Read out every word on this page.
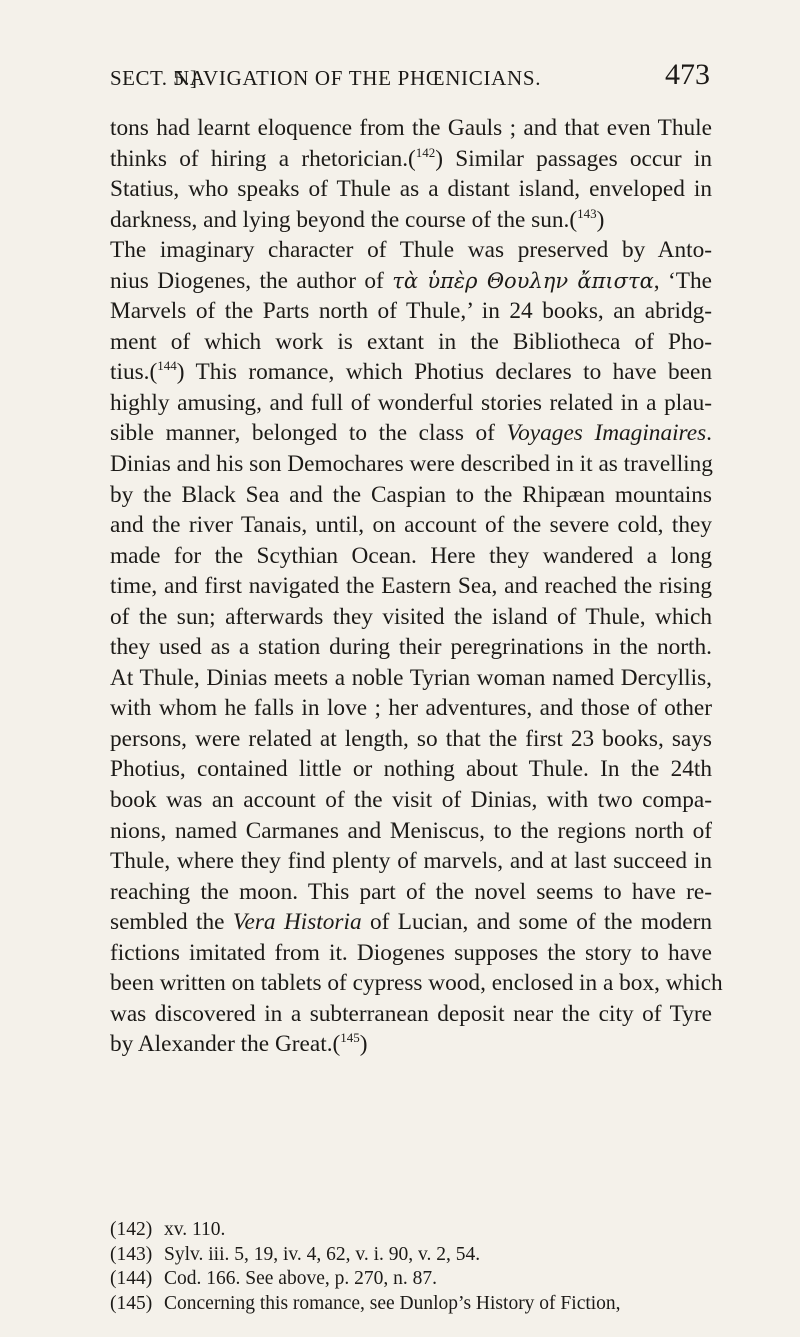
SECT. 5.]
NAVIGATION OF THE PHŒNICIANS.	473
tons had learnt eloquence from the Gauls ; and that even Thule
thinks of hiring a rhetorician.($^{142}$) Similar passages occur in
Statius, who speaks of Thule as a distant island, enveloped in
darkness, and lying beyond the course of the sun.($^{143}$)
The imaginary character of Thule was preserved by Anto-
nius Diogenes, the author of τὰ ὑπὲρ Θουλην ἄπιστα, ‘The
Marvels of the Parts north of Thule,’ in 24 books, an abridg-
ment of which work is extant in the Bibliotheca of Pho-
tius.($^{144}$) This romance, which Photius declares to have been
highly amusing, and full of wonderful stories related in a plau-
sible manner, belonged to the class of Voyages Imaginaires.
Dinias and his son Demochares were described in it as travelling
by the Black Sea and the Caspian to the Rhipæan mountains
and the river Tanais, until, on account of the severe cold, they
made for the Scythian Ocean. Here they wandered a long
time, and first navigated the Eastern Sea, and reached the rising
of the sun; afterwards they visited the island of Thule, which
they used as a station during their peregrinations in the north.
At Thule, Dinias meets a noble Tyrian woman named Dercyllis,
with whom he falls in love ; her adventures, and those of other
persons, were related at length, so that the first 23 books, says
Photius, contained little or nothing about Thule. In the 24th
book was an account of the visit of Dinias, with two compa-
nions, named Carmanes and Meniscus, to the regions north of
Thule, where they find plenty of marvels, and at last succeed in
reaching the moon. This part of the novel seems to have re-
sembled the Vera Historia of Lucian, and some of the modern
fictions imitated from it. Diogenes supposes the story to have
been written on tablets of cypress wood, enclosed in a box, which
was discovered in a subterranean deposit near the city of Tyre
by Alexander the Great.($^{145}$)
(142) xv. 110.
(143) Sylv. iii. 5, 19, iv. 4, 62, v. i. 90, v. 2, 54.
(144) Cod. 166. See above, p. 270, n. 87.
(145) Concerning this romance, see Dunlop’s History of Fiction,
